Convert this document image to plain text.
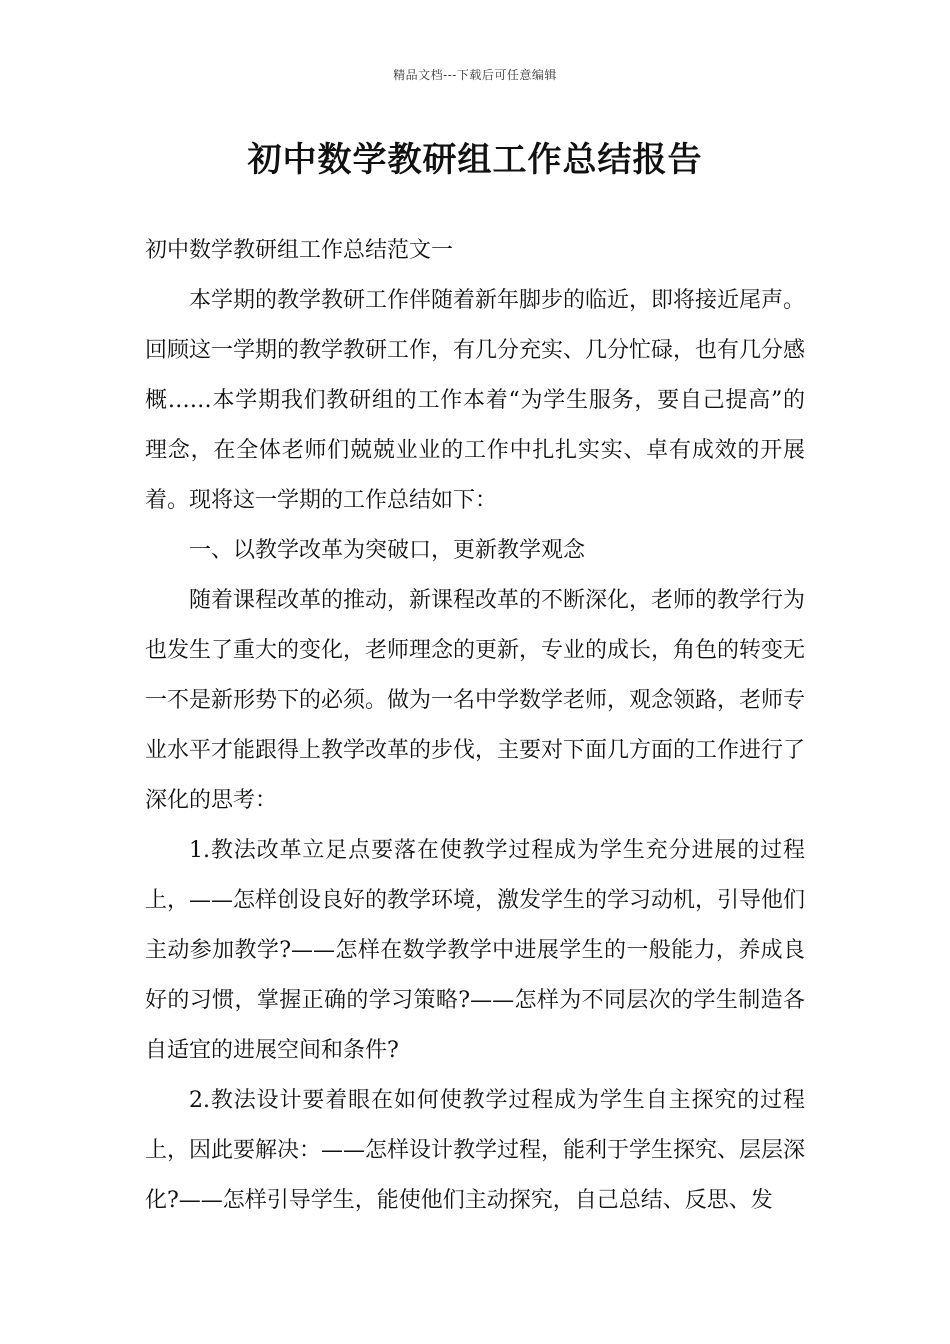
精品文档---下载后可任意编辑
初中数学教研组工作总结报告

初中数学教研组工作总结范文一

本学期的教学教研工作伴随着新年脚步的临近，即将接近尾声。回顾这一学期的教学教研工作，有几分充实、几分忙碌，也有几分感概……本学期我们教研组的工作本着“为学生服务，要自己提高”的理念，在全体老师们兢兢业业的工作中扎扎实实、卓有成效的开展着。现将这一学期的工作总结如下：

一、以教学改革为突破口，更新教学观念

随着课程改革的推动，新课程改革的不断深化，老师的教学行为也发生了重大的变化，老师理念的更新，专业的成长，角色的转变无一不是新形势下的必须。做为一名中学数学老师，观念领路，老师专业水平才能跟得上教学改革的步伐，主要对下面几方面的工作进行了深化的思考：

1.教法改革立足点要落在使教学过程成为学生充分进展的过程上，——怎样创设良好的教学环境，激发学生的学习动机，引导他们主动参加教学?——怎样在数学教学中进展学生的一般能力，养成良好的习惯，掌握正确的学习策略?——怎样为不同层次的学生制造各自适宜的进展空间和条件?

2.教法设计要着眼在如何使教学过程成为学生自主探究的过程上，因此要解决：——怎样设计教学过程，能利于学生探究、层层深化?——怎样引导学生，能使他们主动探究，自己总结、反思、发
